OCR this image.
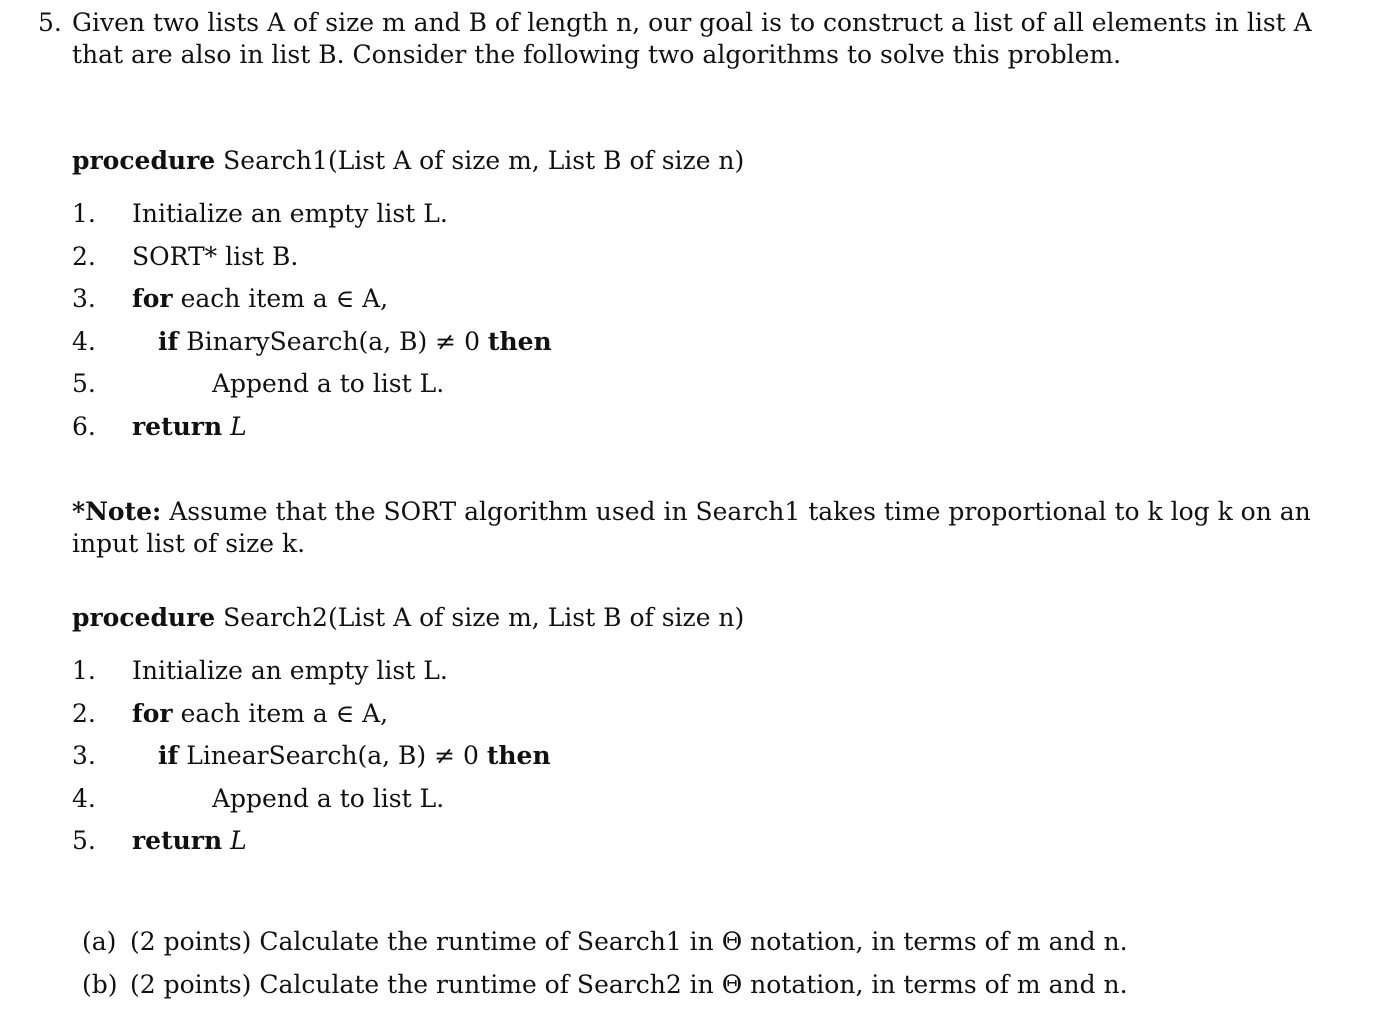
5. Given two lists A of size m and B of length n, our goal is to construct a list of all elements in list A
that are also in list B. Consider the following two algorithms to solve this problem.
procedure Search1(List A of size m, List B of size n)
1.	Initialize an empty list L.
2.	SORT* list B.
3.	for each item a ∈ A,
4.	if BinarySearch(a, B) ≠ 0 then
5.	Append a to list L.
6.	return L
*Note: Assume that the SORT algorithm used in Search1 takes time proportional to k log k on an
input list of size k.
procedure Search2(List A of size m, List B of size n)
1.	Initialize an empty list L.
2.	for each item a ∈ A,
3.	if LinearSearch(a, B) ≠ 0 then
4.	Append a to list L.
5.	return L
(a) (2 points) Calculate the runtime of Search1 in Θ notation, in terms of m and n.
(b) (2 points) Calculate the runtime of Search2 in Θ notation, in terms of m and n.
